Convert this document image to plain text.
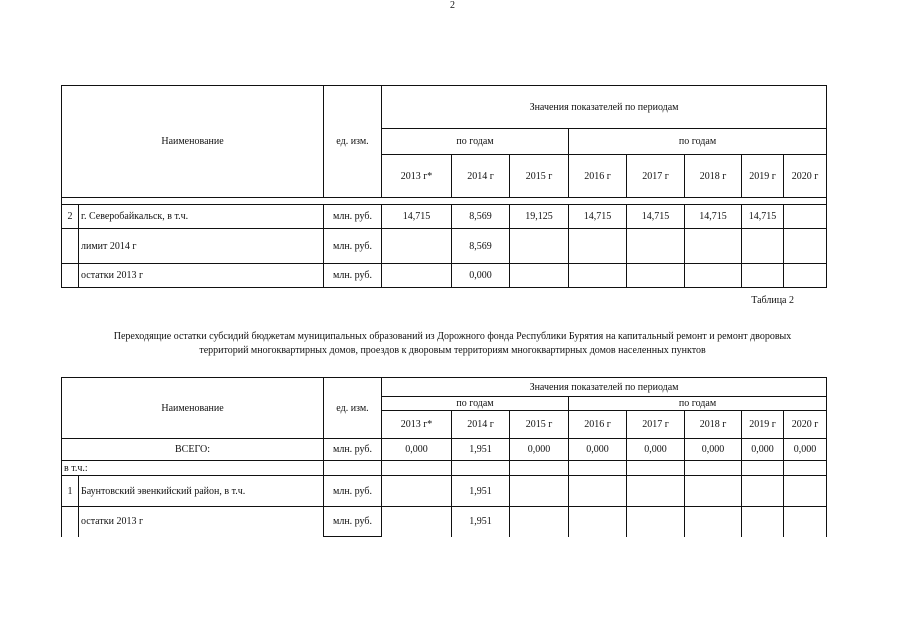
2
Наименование		ед. изм.	Значения показателей по периодам							
			по годам			по годам				
			2013 г*	2014 г	2015 г	2016 г	2017 г	2018 г	2019 г	2020 г

2	г. Северобайкальск, в т.ч.	млн. руб.	14,715	8,569	19,125	14,715	14,715	14,715	14,715	
	лимит 2014 г	млн. руб.		8,569						
	остатки 2013 г	млн. руб.		0,000						
Таблица 2
Переходящие остатки субсидий бюджетам муниципальных образований из Дорожного фонда Республики Бурятия на капитальный ремонт и ремонт дворовых
территорий многоквартирных домов, проездов к дворовым территориям многоквартирных домов населенных пунктов
Наименование		ед. изм.	Значения показателей по периодам							
			по годам			по годам				
			2013 г*	2014 г	2015 г	2016 г	2017 г	2018 г	2019 г	2020 г
ВСЕГО:		млн. руб.	0,000	1,951	0,000	0,000	0,000	0,000	0,000	0,000
в т.ч.:										
1	Баунтовский эвенкийский район, в т.ч.	млн. руб.		1,951						
	остатки 2013 г	млн. руб.		1,951						
